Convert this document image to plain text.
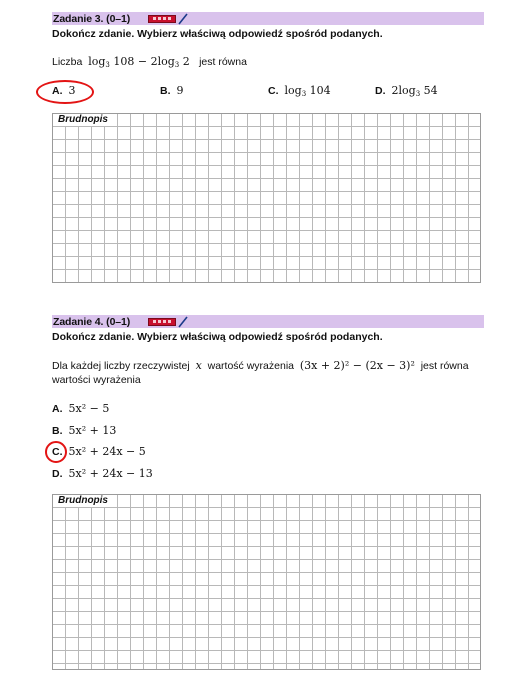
Zadanie 3. (0–1)
Dokończ zdanie. Wybierz właściwą odpowiedź spośród podanych.
Liczba $\log_3 108 - 2\log_3$ 2 jest równa
A. 3	B. 9	C. $\log_3 104$	D. $2\log_3$ 54
Brudnopis
Zadanie 4. (0–1)
Dokończ zdanie. Wybierz właściwą odpowiedź spośród podanych.
Dla każdej liczby rzeczywistej x wartość wyrażenia (3x + 2)² − (2x − 3)² jest równa
wartości wyrażenia
A. 5x² − 5
B. 5x² + 13
C. 5x² + 24x − 5
D. 5x² + 24x − 13
Brudnopis
